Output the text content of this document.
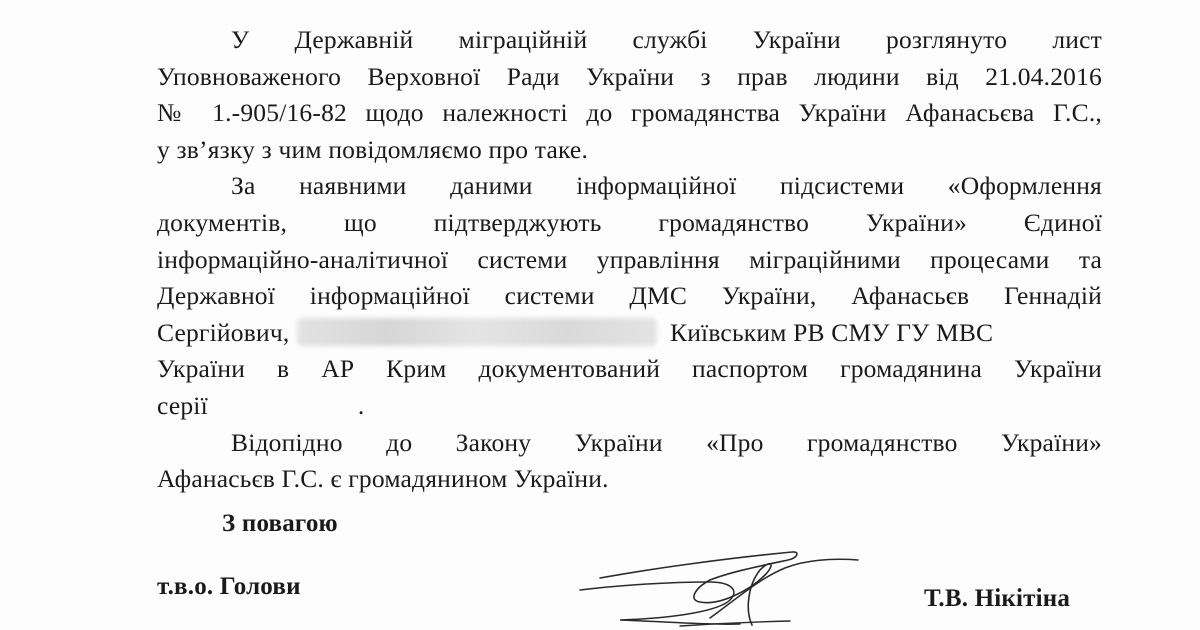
У Державній міграційній службі України розглянуто лист
Уповноваженого Верховної Ради України з прав людини від 21.04.2016
№ 1.-905/16-82 щодо належності до громадянства України Афанасьєва Г.С.,
у зв’язку з чим повідомляємо про таке.
За наявними даними інформаційної підсистеми «Оформлення
документів, що підтверджують громадянство України» Єдиної
інформаційно-аналітичної системи управління міграційними процесами та
Державної інформаційної системи ДМС України, Афанасьєв Геннадій
Сергійович,	Київським РВ СМУ ГУ МВС
України в АР Крим документований паспортом громадянина України
серії	.
Відопідно до Закону України «Про громадянство України»
Афанасьєв Г.С. є громадянином України.
З повагою
т.в.о. Голови	Т.В. Нікітіна
